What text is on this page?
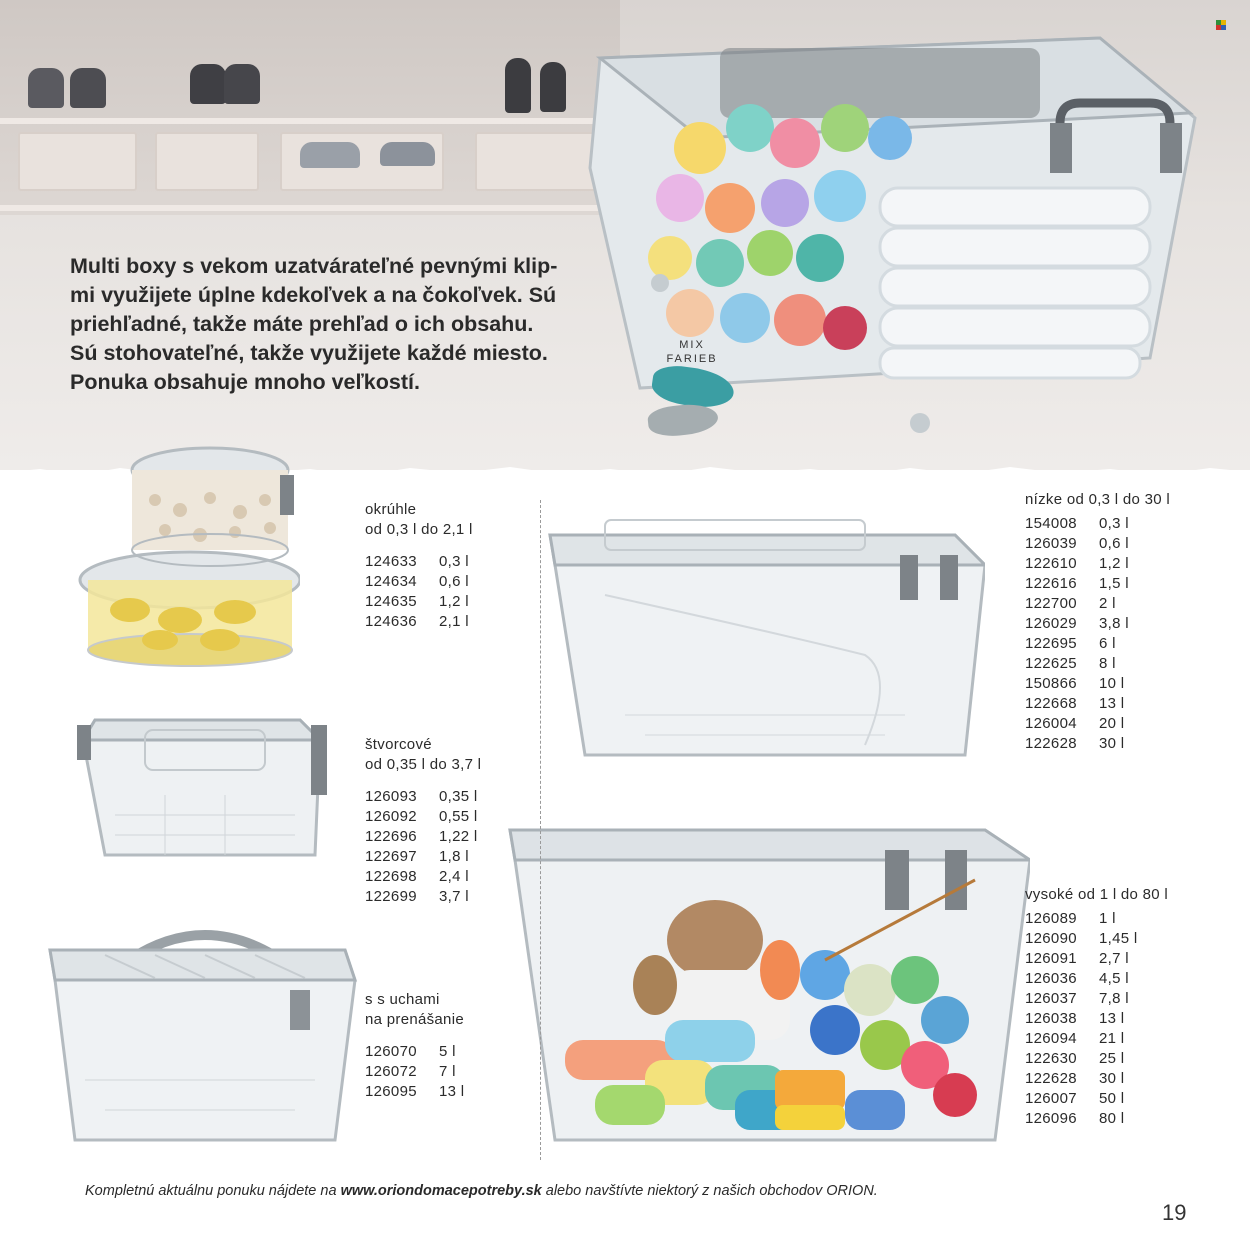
MIX
FARIEB
Multi boxy s vekom uzatvárateľné pevnými klip-
mi využijete úplne kdekoľvek a na čokoľvek. Sú
priehľadné, takže máte prehľad o ich obsahu.
Sú stohovateľné, takže využijete každé miesto.
Ponuka obsahuje mnoho veľkostí.
okrúhle
od 0,3 l do 2,1 l
124633	0,3 l
124634	0,6 l
124635	1,2 l
124636	2,1 l
štvorcové
od 0,35 l do 3,7 l
126093	0,35 l
126092	0,55 l
122696	1,22 l
122697	1,8 l
122698	2,4 l
122699	3,7 l
s s uchami
na prenášanie
126070	5 l
126072	7 l
126095	13 l
nízke od 0,3 l do 30 l
154008	0,3 l
126039	0,6 l
122610	1,2 l
122616	1,5 l
122700	2 l
126029	3,8 l
122695	6 l
122625	8 l
150866	10 l
122668	13 l
126004	20 l
122628	30 l
vysoké od 1 l do 80 l
126089	1 l
126090	1,45 l
126091	2,7 l
126036	4,5 l
126037	7,8 l
126038	13 l
126094	21 l
122630	25 l
122628	30 l
126007	50 l
126096	80 l
Kompletnú aktuálnu ponuku nájdete na www.oriondomacepotreby.sk alebo navštívte niektorý z našich obchodov ORION.
19
